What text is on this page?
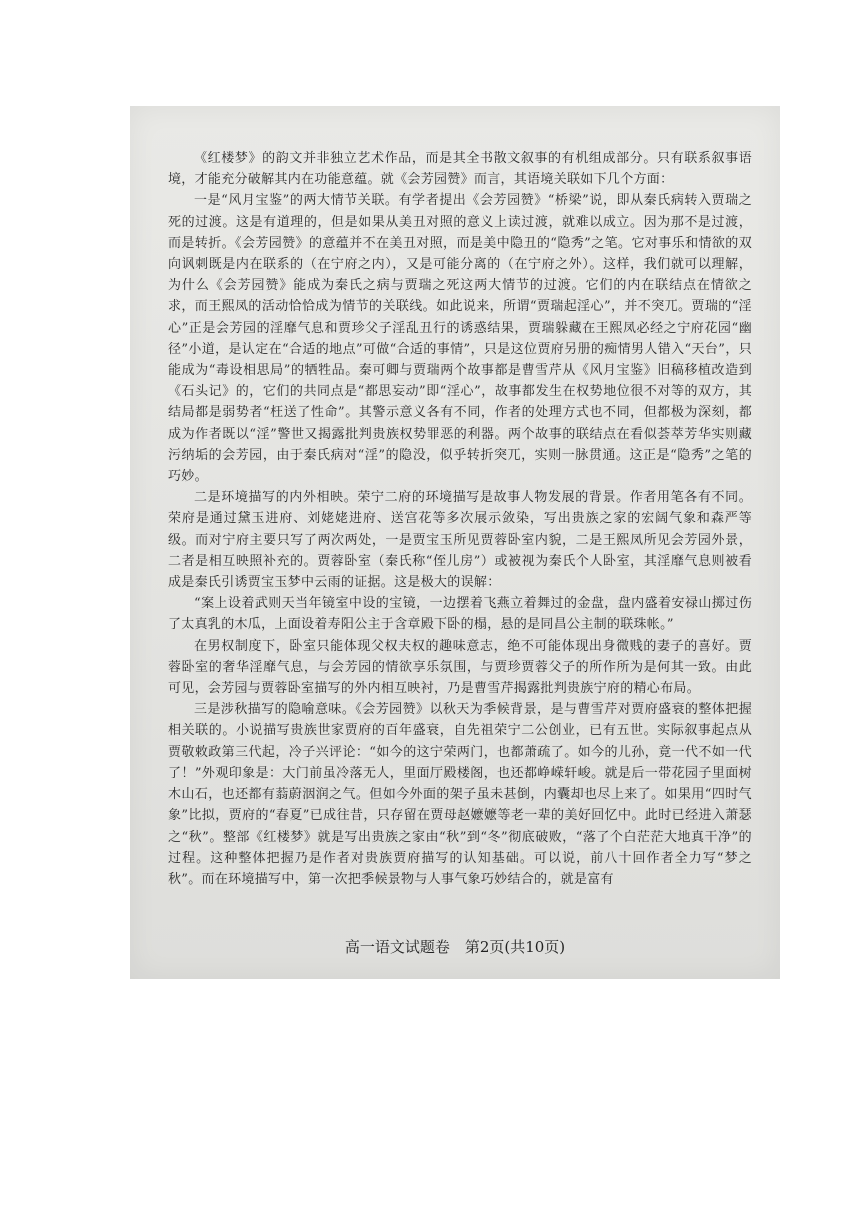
《红楼梦》的韵文并非独立艺术作品，而是其全书散文叙事的有机组成部分。只有联系叙事语境，才能充分破解其内在功能意蕴。就《会芳园赞》而言，其语境关联如下几个方面：

一是“风月宝鉴”的两大情节关联。有学者提出《会芳园赞》“桥梁”说，即从秦氏病转入贾瑞之死的过渡。这是有道理的，但是如果从美丑对照的意义上读过渡，就难以成立。因为那不是过渡，而是转折。《会芳园赞》的意蕴并不在美丑对照，而是美中隐丑的“隐秀”之笔。它对事乐和情欲的双向讽刺既是内在联系的（在宁府之内），又是可能分离的（在宁府之外）。这样，我们就可以理解，为什么《会芳园赞》能成为秦氏之病与贾瑞之死这两大情节的过渡。它们的内在联结点在情欲之求，而王熙凤的活动恰恰成为情节的关联线。如此说来，所谓“贾瑞起淫心”，并不突兀。贾瑞的“淫心”正是会芳园的淫靡气息和贾珍父子淫乱丑行的诱惑结果，贾瑞躲藏在王熙凤必经之宁府花园“幽径”小道，是认定在“合适的地点”可做“合适的事情”，只是这位贾府另册的痴情男人错入“天台”，只能成为“毒设相思局”的牺牲品。秦可卿与贾瑞两个故事都是曹雪芹从《风月宝鉴》旧稿移植改造到《石头记》的，它们的共同点是“都思妄动”即“淫心”，故事都发生在权势地位很不对等的双方，其结局都是弱势者“枉送了性命”。其警示意义各有不同，作者的处理方式也不同，但都极为深刻，都成为作者既以“淫”警世又揭露批判贵族权势罪恶的利器。两个故事的联结点在看似荟萃芳华实则藏污纳垢的会芳园，由于秦氏病对“淫”的隐没，似乎转折突兀，实则一脉贯通。这正是“隐秀”之笔的巧妙。

二是环境描写的内外相映。荣宁二府的环境描写是故事人物发展的背景。作者用笔各有不同。荣府是通过黛玉进府、刘姥姥进府、送宫花等多次展示敛染，写出贵族之家的宏阔气象和森严等级。而对宁府主要只写了两次两处，一是贾宝玉所见贾蓉卧室内貌，二是王熙凤所见会芳园外景，二者是相互映照补充的。贾蓉卧室（秦氏称“侄儿房”）或被视为秦氏个人卧室，其淫靡气息则被看成是秦氏引诱贾宝玉梦中云雨的证据。这是极大的误解：

“案上设着武则天当年镜室中设的宝镜，一边摆着飞燕立着舞过的金盘，盘内盛着安禄山掷过伤了太真乳的木瓜，上面设着寿阳公主于含章殿下卧的榻，悬的是同昌公主制的联珠帐。”

在男权制度下，卧室只能体现父权夫权的趣味意志，绝不可能体现出身微贱的妻子的喜好。贾蓉卧室的奢华淫靡气息，与会芳园的情欲享乐氛围，与贾珍贾蓉父子的所作所为是何其一致。由此可见，会芳园与贾蓉卧室描写的外内相互映衬，乃是曹雪芹揭露批判贵族宁府的精心布局。

三是涉秋描写的隐喻意味。《会芳园赞》以秋天为季候背景，是与曹雪芹对贾府盛衰的整体把握相关联的。小说描写贵族世家贾府的百年盛衰，自先祖荣宁二公创业，已有五世。实际叙事起点从贾敬敕政第三代起，冷子兴评论：“如今的这宁荣两门，也都萧疏了。如今的儿孙，竟一代不如一代了！”外观印象是：大门前虽冷落无人，里面厅殿楼阁，也还都峥嵘轩峻。就是后一带花园子里面树木山石，也还都有蓊蔚洇润之气。但如今外面的架子虽未甚倒，内囊却也尽上来了。如果用“四时气象”比拟，贾府的“春夏”已成往昔，只存留在贾母赵嬷嬷等老一辈的美好回忆中。此时已经进入萧瑟之“秋”。整部《红楼梦》就是写出贵族之家由“秋”到“冬”彻底破败，“落了个白茫茫大地真干净”的过程。这种整体把握乃是作者对贵族贾府描写的认知基础。可以说，前八十回作者全力写“梦之秋”。而在环境描写中，第一次把季候景物与人事气象巧妙结合的，就是富有

高一语文试题卷　第2页(共10页)
